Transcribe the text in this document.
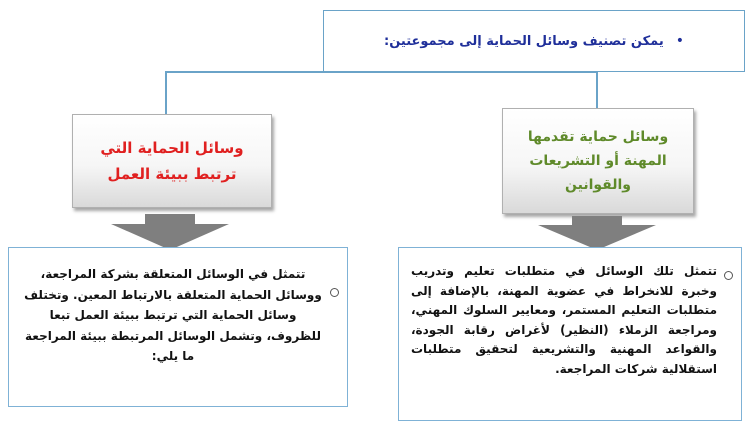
•
يمكن تصنيف وسائل الحماية إلى مجموعتين:
وسائل الحماية التي
ترتبط ببيئة العمل
وسائل حماية تقدمها
المهنة أو التشريعات
والقوانين
تتمثل في الوسائل المتعلقة بشركة المراجعة، ووسائل الحماية المتعلقة بالارتباط المعين. وتختلف وسائل الحماية التي ترتبط ببيئة العمل تبعا للظروف، وتشمل الوسائل المرتبطة ببيئة المراجعة ما يلي:
تتمثل تلك الوسائل في متطلبات تعليم وتدريب وخبرة للانخراط في عضوية المهنة، بالإضافة إلى متطلبات التعليم المستمر، ومعايير السلوك المهني، ومراجعة الزملاء (النظير) لأغراض رقابة الجودة، والقواعد المهنية والتشريعية لتحقيق متطلبات استقلالية شركات المراجعة.
